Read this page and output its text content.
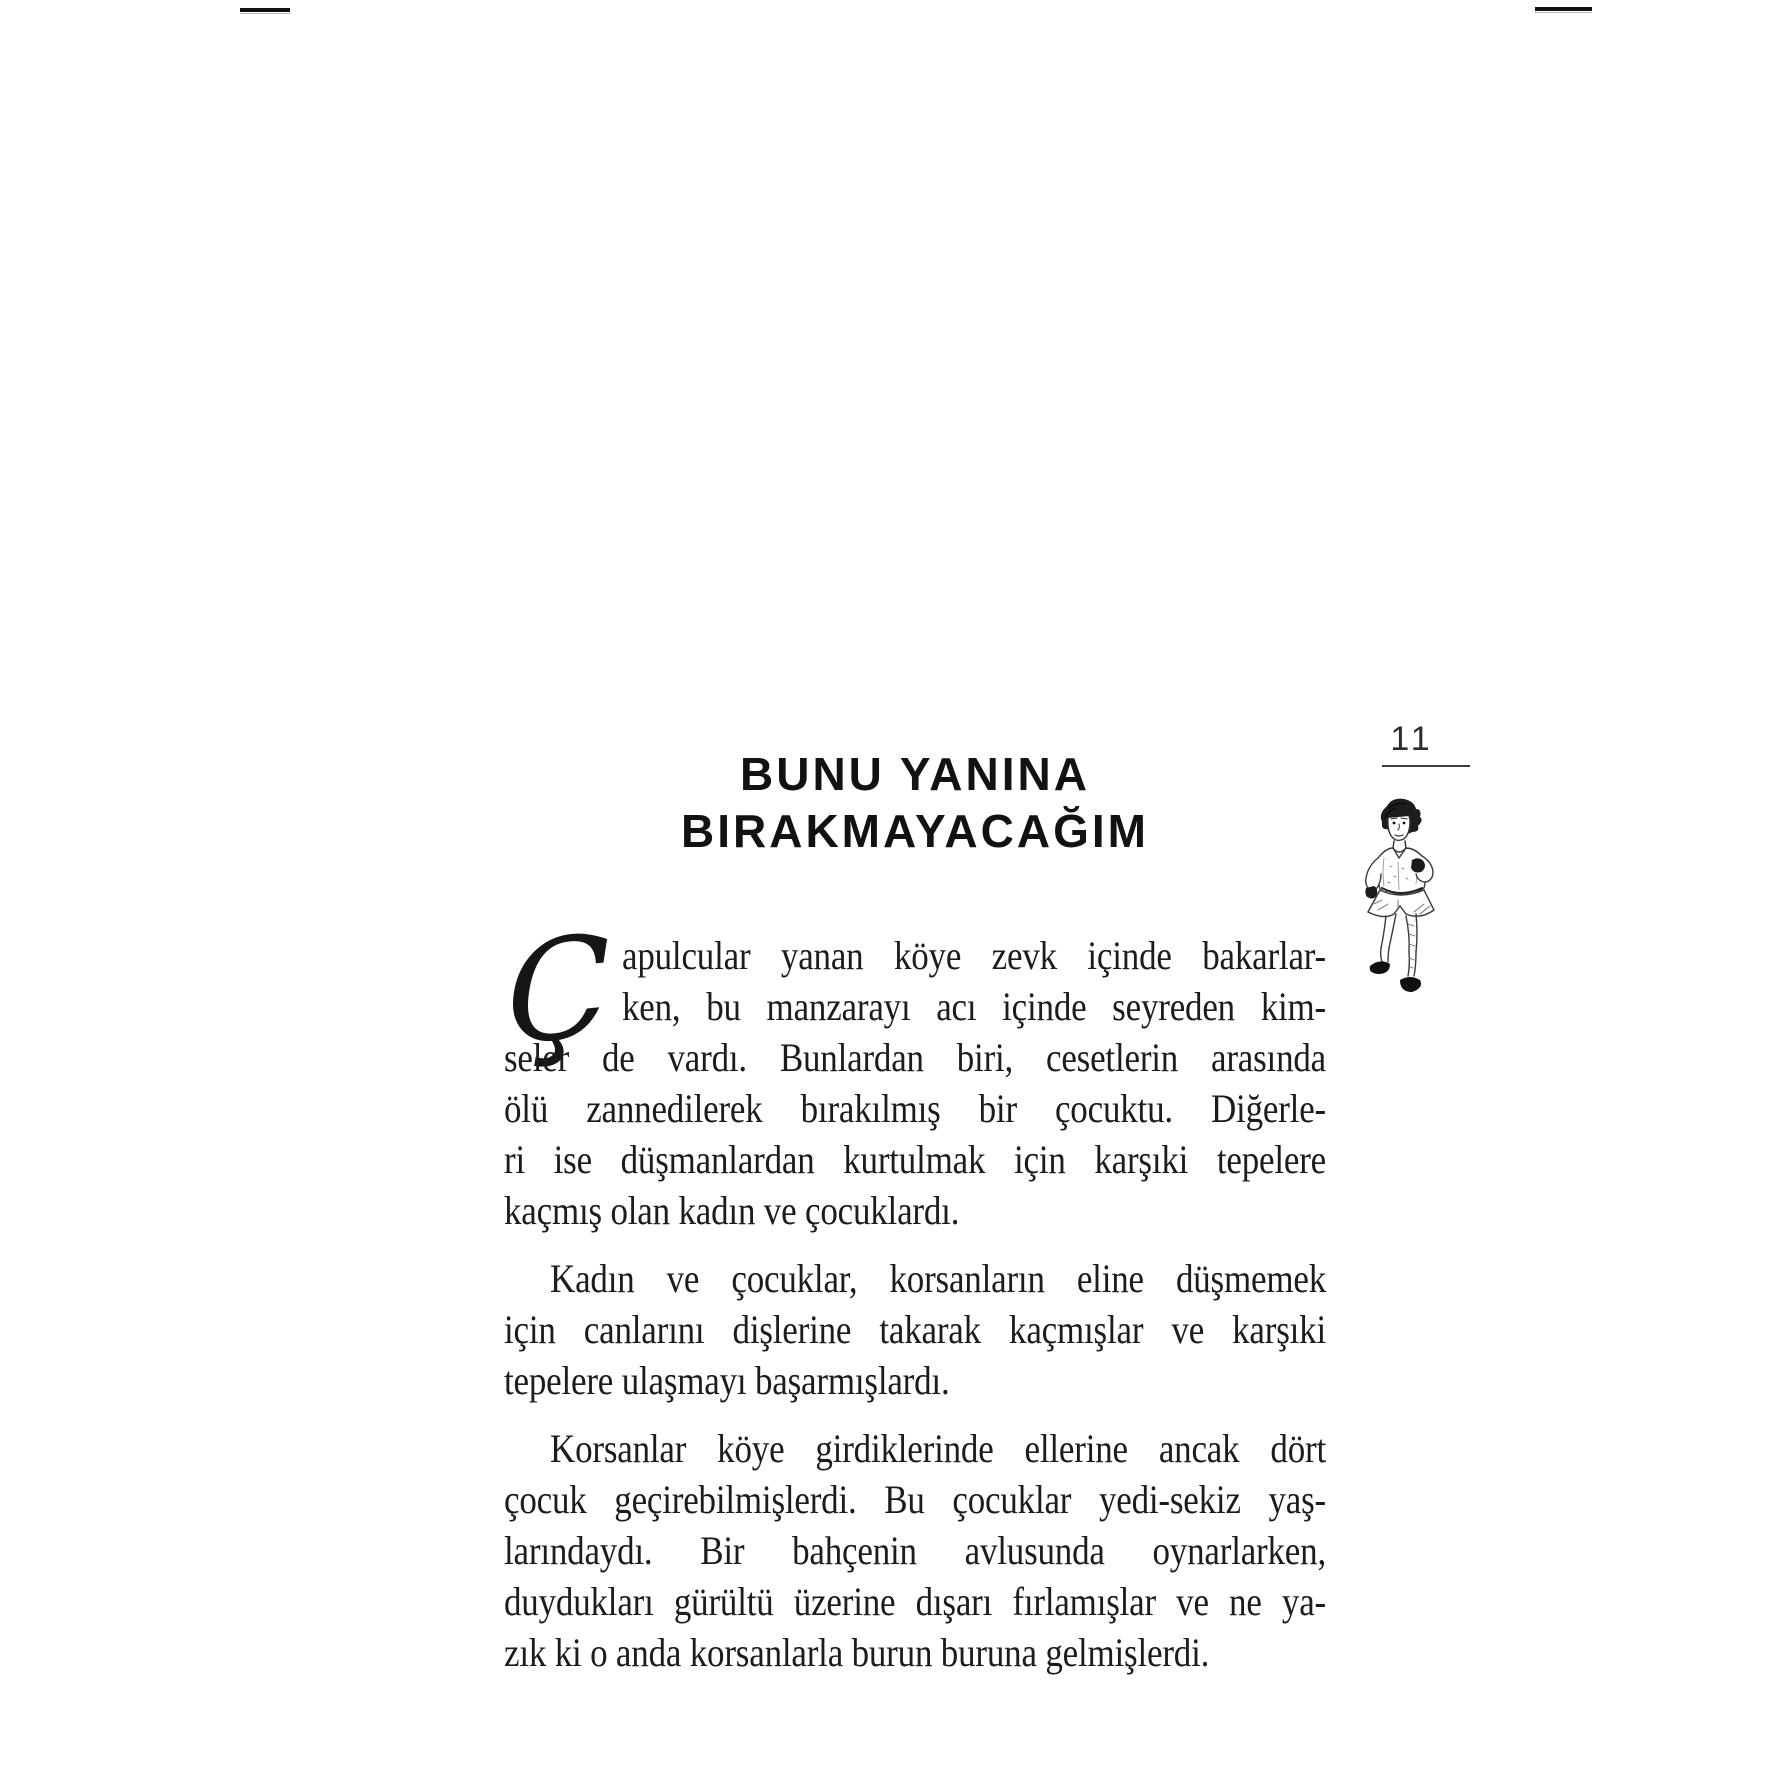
11
BUNU YANINA
BIRAKMAYACAĞIM
Ç apulcular yanan köye zevk içinde bakarlar-
ken, bu manzarayı acı içinde seyreden kim-
seler de vardı. Bunlardan biri, cesetlerin arasında
ölü zannedilerek bırakılmış bir çocuktu. Diğerle-
ri ise düşmanlardan kurtulmak için karşıki tepelere
kaçmış olan kadın ve çocuklardı.
Kadın ve çocuklar, korsanların eline düşmemek
için canlarını dişlerine takarak kaçmışlar ve karşıki
tepelere ulaşmayı başarmışlardı.
Korsanlar köye girdiklerinde ellerine ancak dört
çocuk geçirebilmişlerdi. Bu çocuklar yedi-sekiz yaş-
larındaydı. Bir bahçenin avlusunda oynarlarken,
duydukları gürültü üzerine dışarı fırlamışlar ve ne ya-
zık ki o anda korsanlarla burun buruna gelmişlerdi.
